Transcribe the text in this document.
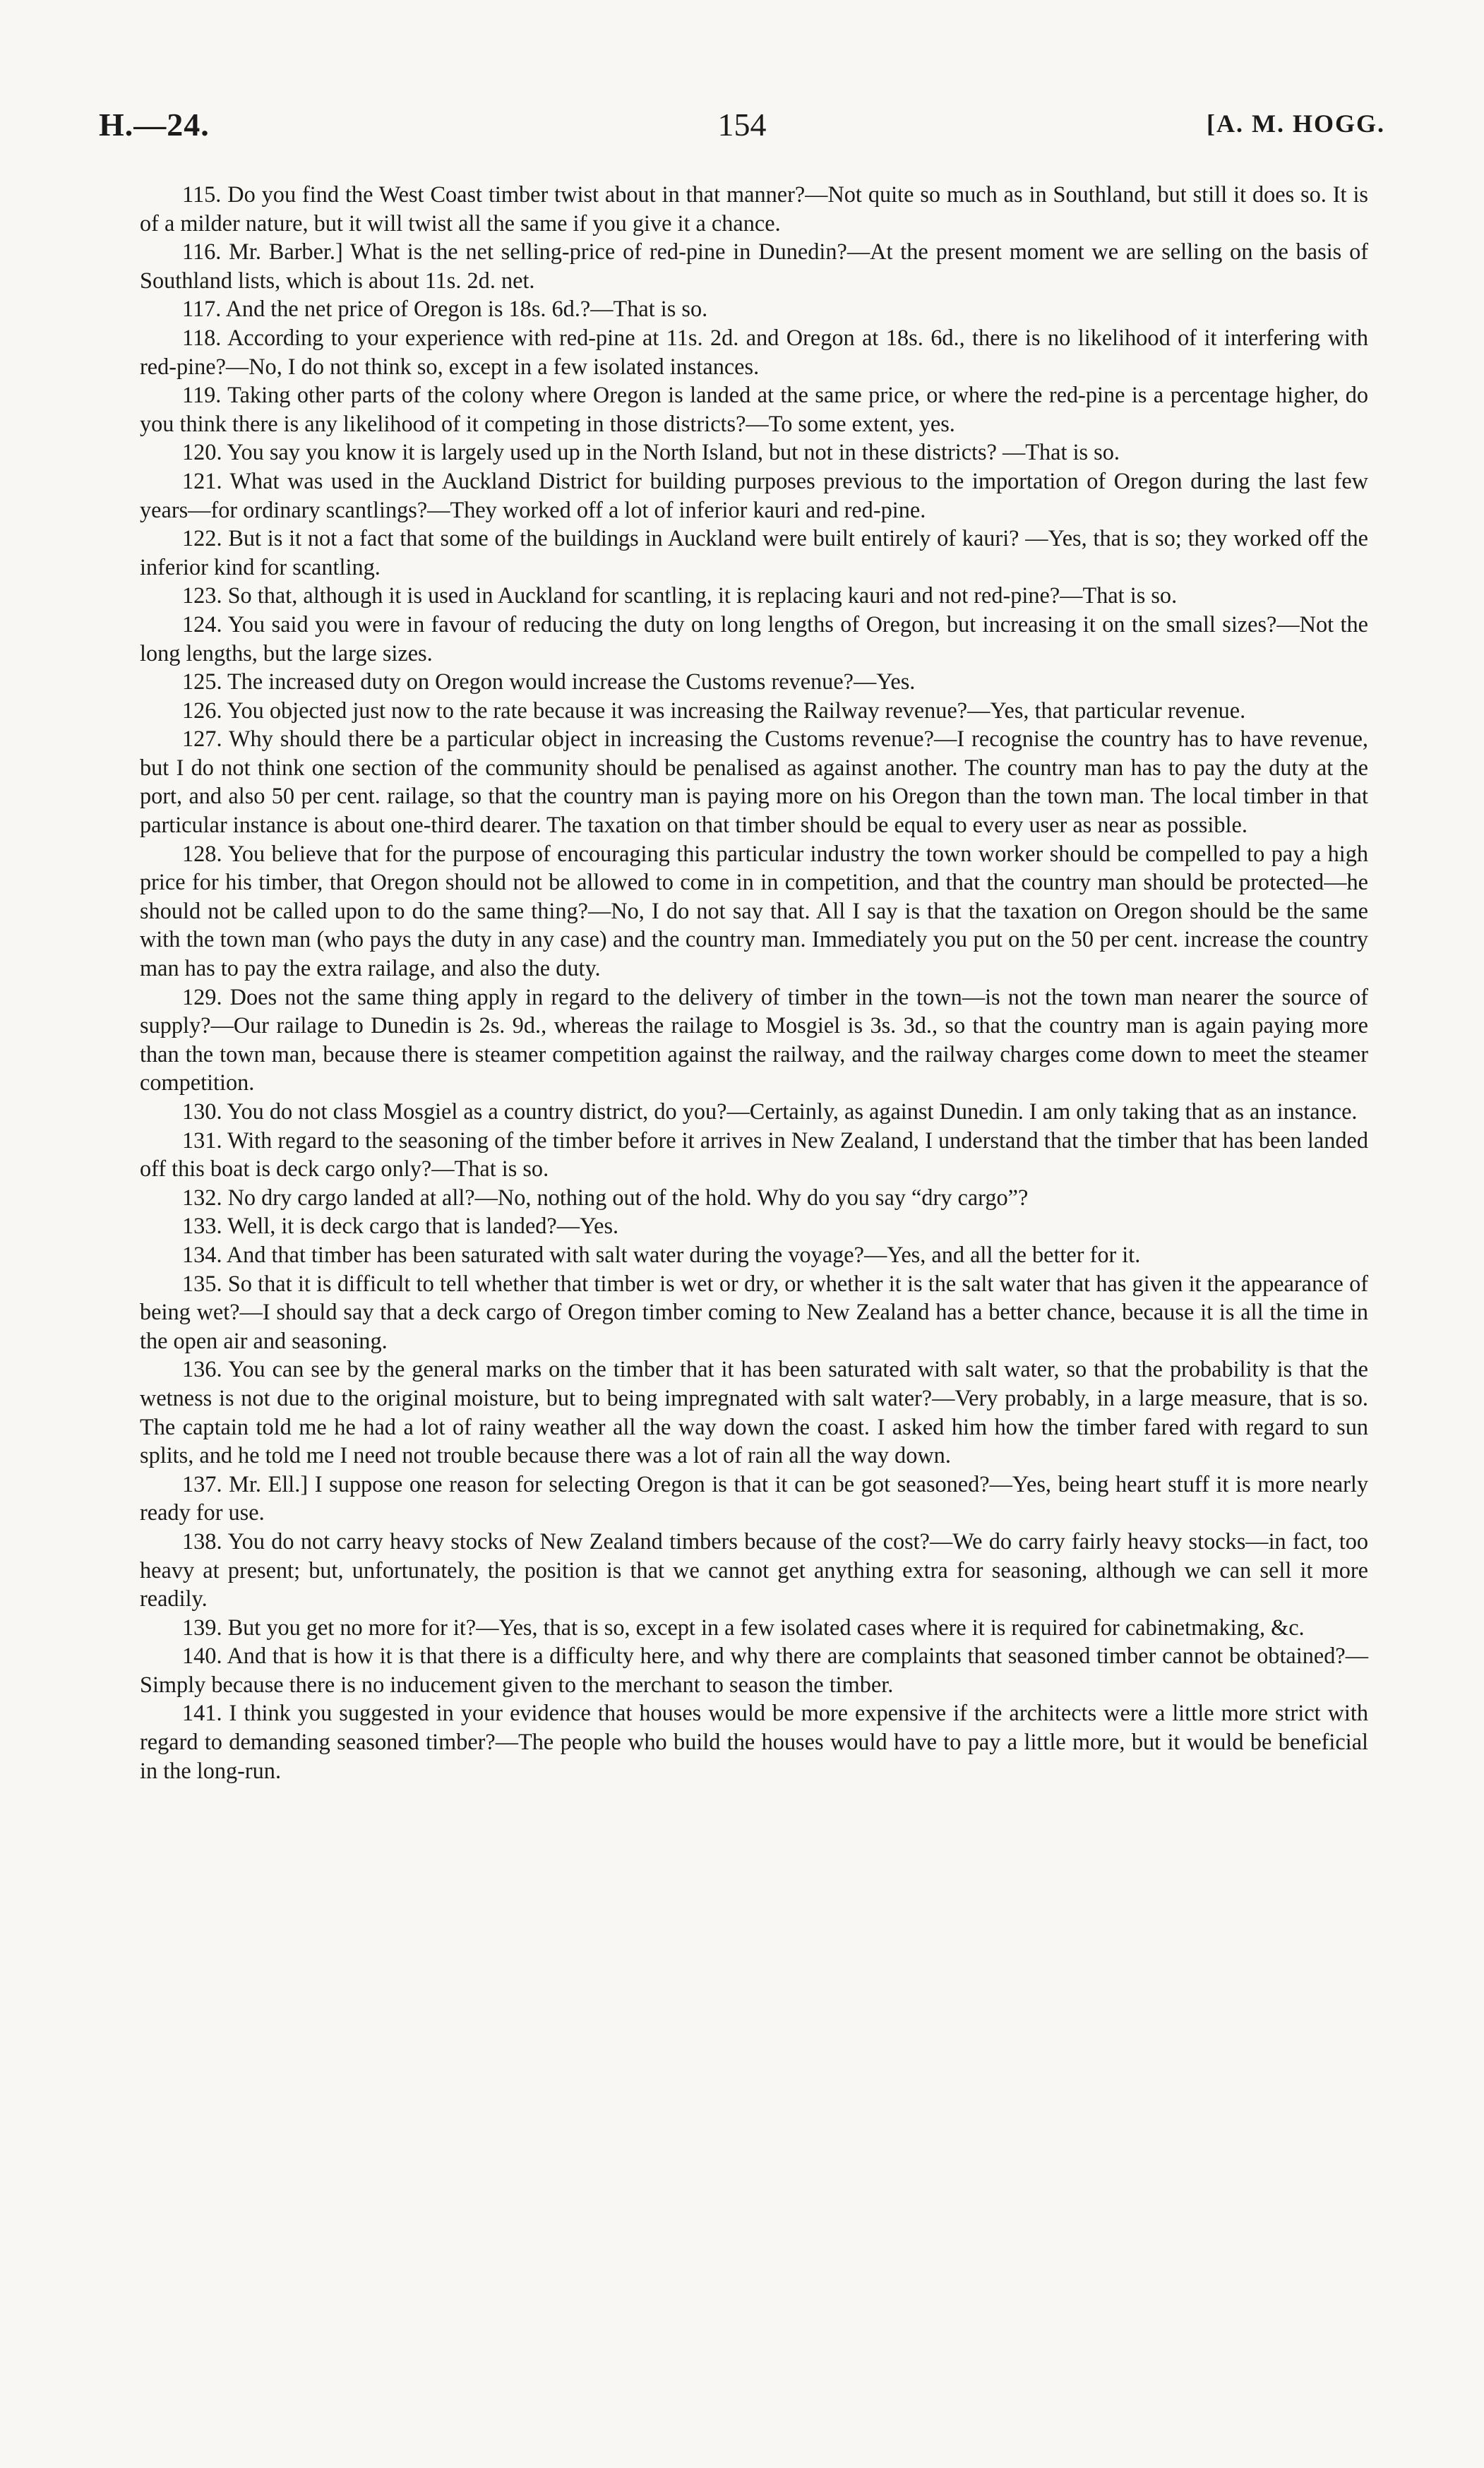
H.—24.	154	[A. M. HOGG.

115. Do you find the West Coast timber twist about in that manner?—Not quite so much as in Southland, but still it does so. It is of a milder nature, but it will twist all the same if you give it a chance.

116. Mr. Barber.] What is the net selling-price of red-pine in Dunedin?—At the present moment we are selling on the basis of Southland lists, which is about 11s. 2d. net.

117. And the net price of Oregon is 18s. 6d.?—That is so.

118. According to your experience with red-pine at 11s. 2d. and Oregon at 18s. 6d., there is no likelihood of it interfering with red-pine?—No, I do not think so, except in a few isolated instances.

119. Taking other parts of the colony where Oregon is landed at the same price, or where the red-pine is a percentage higher, do you think there is any likelihood of it competing in those districts?—To some extent, yes.

120. You say you know it is largely used up in the North Island, but not in these districts? —That is so.

121. What was used in the Auckland District for building purposes previous to the importation of Oregon during the last few years—for ordinary scantlings?—They worked off a lot of inferior kauri and red-pine.

122. But is it not a fact that some of the buildings in Auckland were built entirely of kauri? —Yes, that is so; they worked off the inferior kind for scantling.

123. So that, although it is used in Auckland for scantling, it is replacing kauri and not red-pine?—That is so.

124. You said you were in favour of reducing the duty on long lengths of Oregon, but increasing it on the small sizes?—Not the long lengths, but the large sizes.

125. The increased duty on Oregon would increase the Customs revenue?—Yes.

126. You objected just now to the rate because it was increasing the Railway revenue?—Yes, that particular revenue.

127. Why should there be a particular object in increasing the Customs revenue?—I recognise the country has to have revenue, but I do not think one section of the community should be penalised as against another. The country man has to pay the duty at the port, and also 50 per cent. railage, so that the country man is paying more on his Oregon than the town man. The local timber in that particular instance is about one-third dearer. The taxation on that timber should be equal to every user as near as possible.

128. You believe that for the purpose of encouraging this particular industry the town worker should be compelled to pay a high price for his timber, that Oregon should not be allowed to come in in competition, and that the country man should be protected—he should not be called upon to do the same thing?—No, I do not say that. All I say is that the taxation on Oregon should be the same with the town man (who pays the duty in any case) and the country man. Immediately you put on the 50 per cent. increase the country man has to pay the extra railage, and also the duty.

129. Does not the same thing apply in regard to the delivery of timber in the town—is not the town man nearer the source of supply?—Our railage to Dunedin is 2s. 9d., whereas the railage to Mosgiel is 3s. 3d., so that the country man is again paying more than the town man, because there is steamer competition against the railway, and the railway charges come down to meet the steamer competition.

130. You do not class Mosgiel as a country district, do you?—Certainly, as against Dunedin. I am only taking that as an instance.

131. With regard to the seasoning of the timber before it arrives in New Zealand, I understand that the timber that has been landed off this boat is deck cargo only?—That is so.

132. No dry cargo landed at all?—No, nothing out of the hold. Why do you say “dry cargo”?

133. Well, it is deck cargo that is landed?—Yes.

134. And that timber has been saturated with salt water during the voyage?—Yes, and all the better for it.

135. So that it is difficult to tell whether that timber is wet or dry, or whether it is the salt water that has given it the appearance of being wet?—I should say that a deck cargo of Oregon timber coming to New Zealand has a better chance, because it is all the time in the open air and seasoning.

136. You can see by the general marks on the timber that it has been saturated with salt water, so that the probability is that the wetness is not due to the original moisture, but to being impregnated with salt water?—Very probably, in a large measure, that is so. The captain told me he had a lot of rainy weather all the way down the coast. I asked him how the timber fared with regard to sun splits, and he told me I need not trouble because there was a lot of rain all the way down.

137. Mr. Ell.] I suppose one reason for selecting Oregon is that it can be got seasoned?—Yes, being heart stuff it is more nearly ready for use.

138. You do not carry heavy stocks of New Zealand timbers because of the cost?—We do carry fairly heavy stocks—in fact, too heavy at present; but, unfortunately, the position is that we cannot get anything extra for seasoning, although we can sell it more readily.

139. But you get no more for it?—Yes, that is so, except in a few isolated cases where it is required for cabinetmaking, &c.

140. And that is how it is that there is a difficulty here, and why there are complaints that seasoned timber cannot be obtained?—Simply because there is no inducement given to the merchant to season the timber.

141. I think you suggested in your evidence that houses would be more expensive if the architects were a little more strict with regard to demanding seasoned timber?—The people who build the houses would have to pay a little more, but it would be beneficial in the long-run.
